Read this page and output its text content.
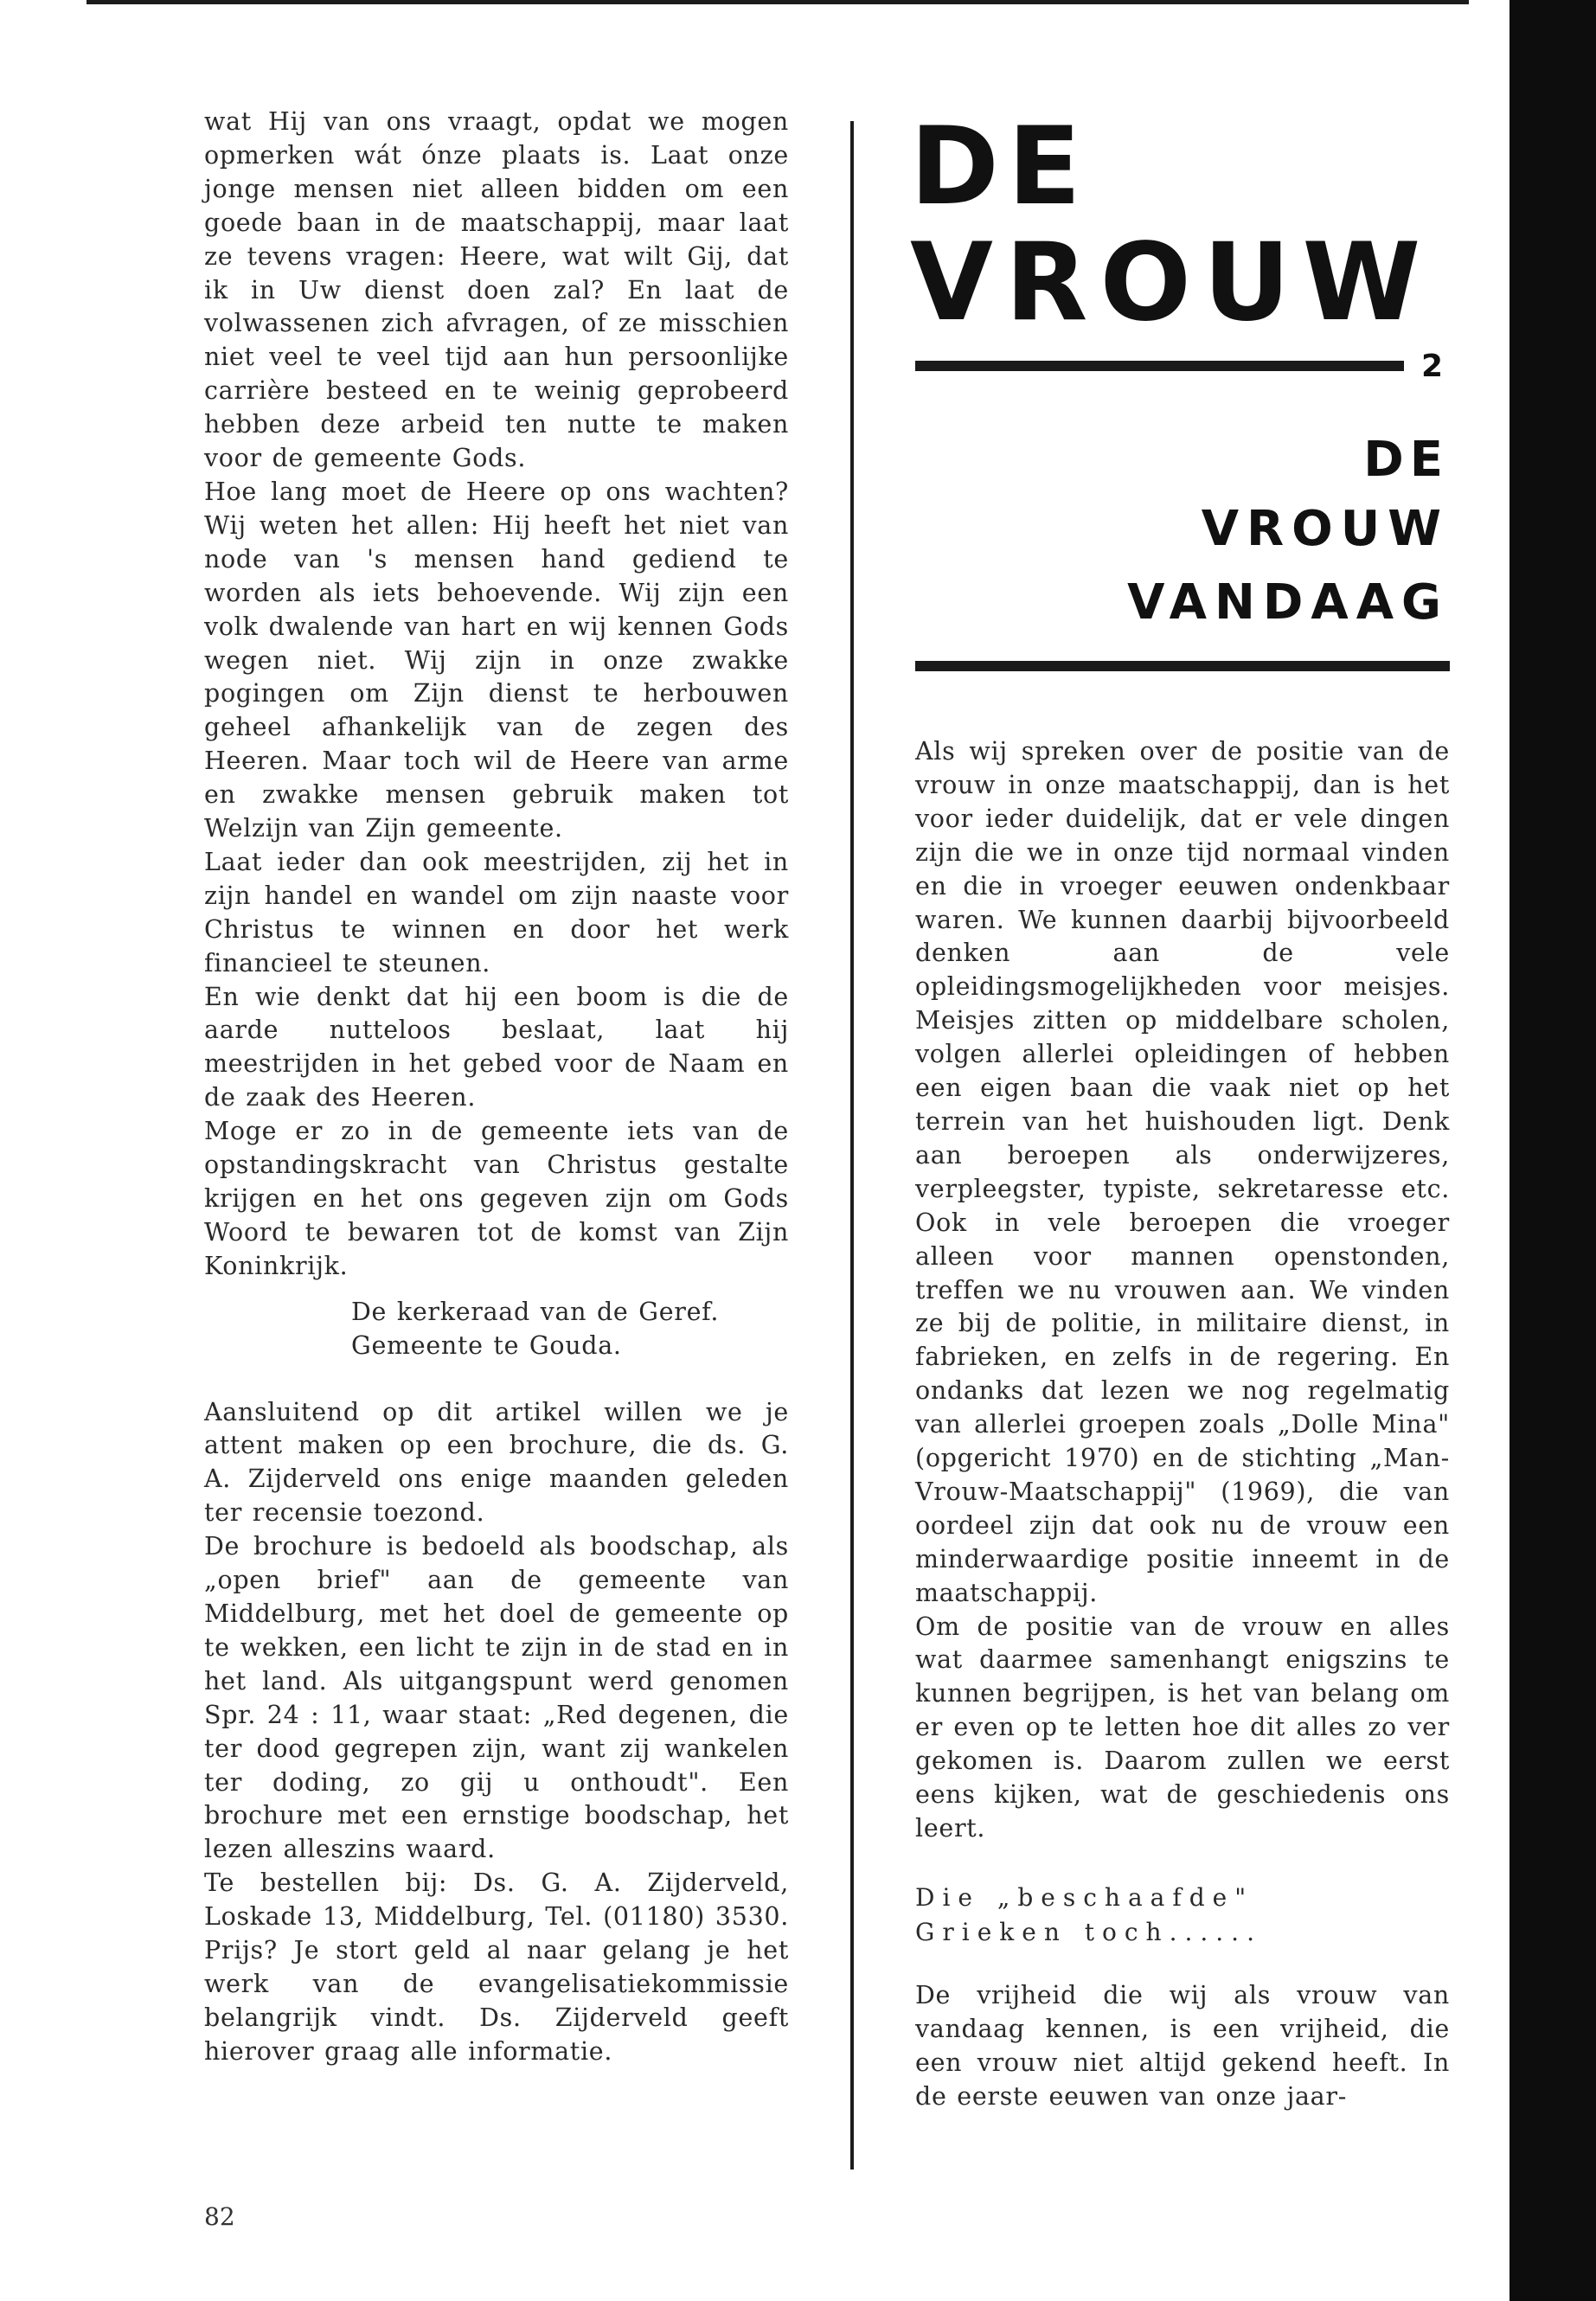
wat Hij van ons vraagt, opdat we mogen opmerken wát ónze plaats is. Laat onze jonge mensen niet alleen bidden om een goede baan in de maatschappij, maar laat ze tevens vragen: Heere, wat wilt Gij, dat ik in Uw dienst doen zal? En laat de volwassenen zich afvragen, of ze misschien niet veel te veel tijd aan hun persoonlijke carrière besteed en te weinig geprobeerd hebben deze arbeid ten nutte te maken voor de gemeente Gods.

Hoe lang moet de Heere op ons wachten? Wij weten het allen: Hij heeft het niet van node van 's mensen hand gediend te worden als iets behoevende. Wij zijn een volk dwalende van hart en wij kennen Gods wegen niet. Wij zijn in onze zwakke pogingen om Zijn dienst te herbouwen geheel afhankelijk van de zegen des Heeren. Maar toch wil de Heere van arme en zwakke mensen gebruik maken tot Welzijn van Zijn gemeente.

Laat ieder dan ook meestrijden, zij het in zijn handel en wandel om zijn naaste voor Christus te winnen en door het werk financieel te steunen.

En wie denkt dat hij een boom is die de aarde nutteloos beslaat, laat hij meestrijden in het gebed voor de Naam en de zaak des Heeren.

Moge er zo in de gemeente iets van de opstandingskracht van Christus gestalte krijgen en het ons gegeven zijn om Gods Woord te bewaren tot de komst van Zijn Koninkrijk.

De kerkeraad van de Geref.

Gemeente te Gouda.

Aansluitend op dit artikel willen we je attent maken op een brochure, die ds. G. A. Zijderveld ons enige maanden geleden ter recensie toezond.

De brochure is bedoeld als boodschap, als „open brief" aan de gemeente van Middelburg, met het doel de gemeente op te wekken, een licht te zijn in de stad en in het land. Als uitgangspunt werd genomen Spr. 24 : 11, waar staat: „Red degenen, die ter dood gegrepen zijn, want zij wankelen ter doding, zo gij u onthoudt". Een brochure met een ernstige boodschap, het lezen alleszins waard.

Te bestellen bij: Ds. G. A. Zijderveld, Loskade 13, Middelburg, Tel. (01180) 3530. Prijs? Je stort geld al naar gelang je het werk van de evangelisatiekommissie belangrijk vindt. Ds. Zijderveld geeft hierover graag alle informatie.

DE
VROUW

2

DE
VROUW
VANDAAG

Als wij spreken over de positie van de vrouw in onze maatschappij, dan is het voor ieder duidelijk, dat er vele dingen zijn die we in onze tijd normaal vinden en die in vroeger eeuwen ondenkbaar waren. We kunnen daarbij bijvoorbeeld denken aan de vele opleidingsmogelijkheden voor meisjes. Meisjes zitten op middelbare scholen, volgen allerlei opleidingen of hebben een eigen baan die vaak niet op het terrein van het huishouden ligt. Denk aan beroepen als onderwijzeres, verpleegster, typiste, sekretaresse etc. Ook in vele beroepen die vroeger alleen voor mannen openstonden, treffen we nu vrouwen aan. We vinden ze bij de politie, in militaire dienst, in fabrieken, en zelfs in de regering. En ondanks dat lezen we nog regelmatig van allerlei groepen zoals „Dolle Mina" (opgericht 1970) en de stichting „Man-Vrouw-Maatschappij" (1969), die van oordeel zijn dat ook nu de vrouw een minderwaardige positie inneemt in de maatschappij.

Om de positie van de vrouw en alles wat daarmee samenhangt enigszins te kunnen begrijpen, is het van belang om er even op te letten hoe dit alles zo ver gekomen is. Daarom zullen we eerst eens kijken, wat de geschiedenis ons leert.

Die „beschaafde"

Grieken toch......

De vrijheid die wij als vrouw van vandaag kennen, is een vrijheid, die een vrouw niet altijd gekend heeft. In de eerste eeuwen van onze jaar-

82
